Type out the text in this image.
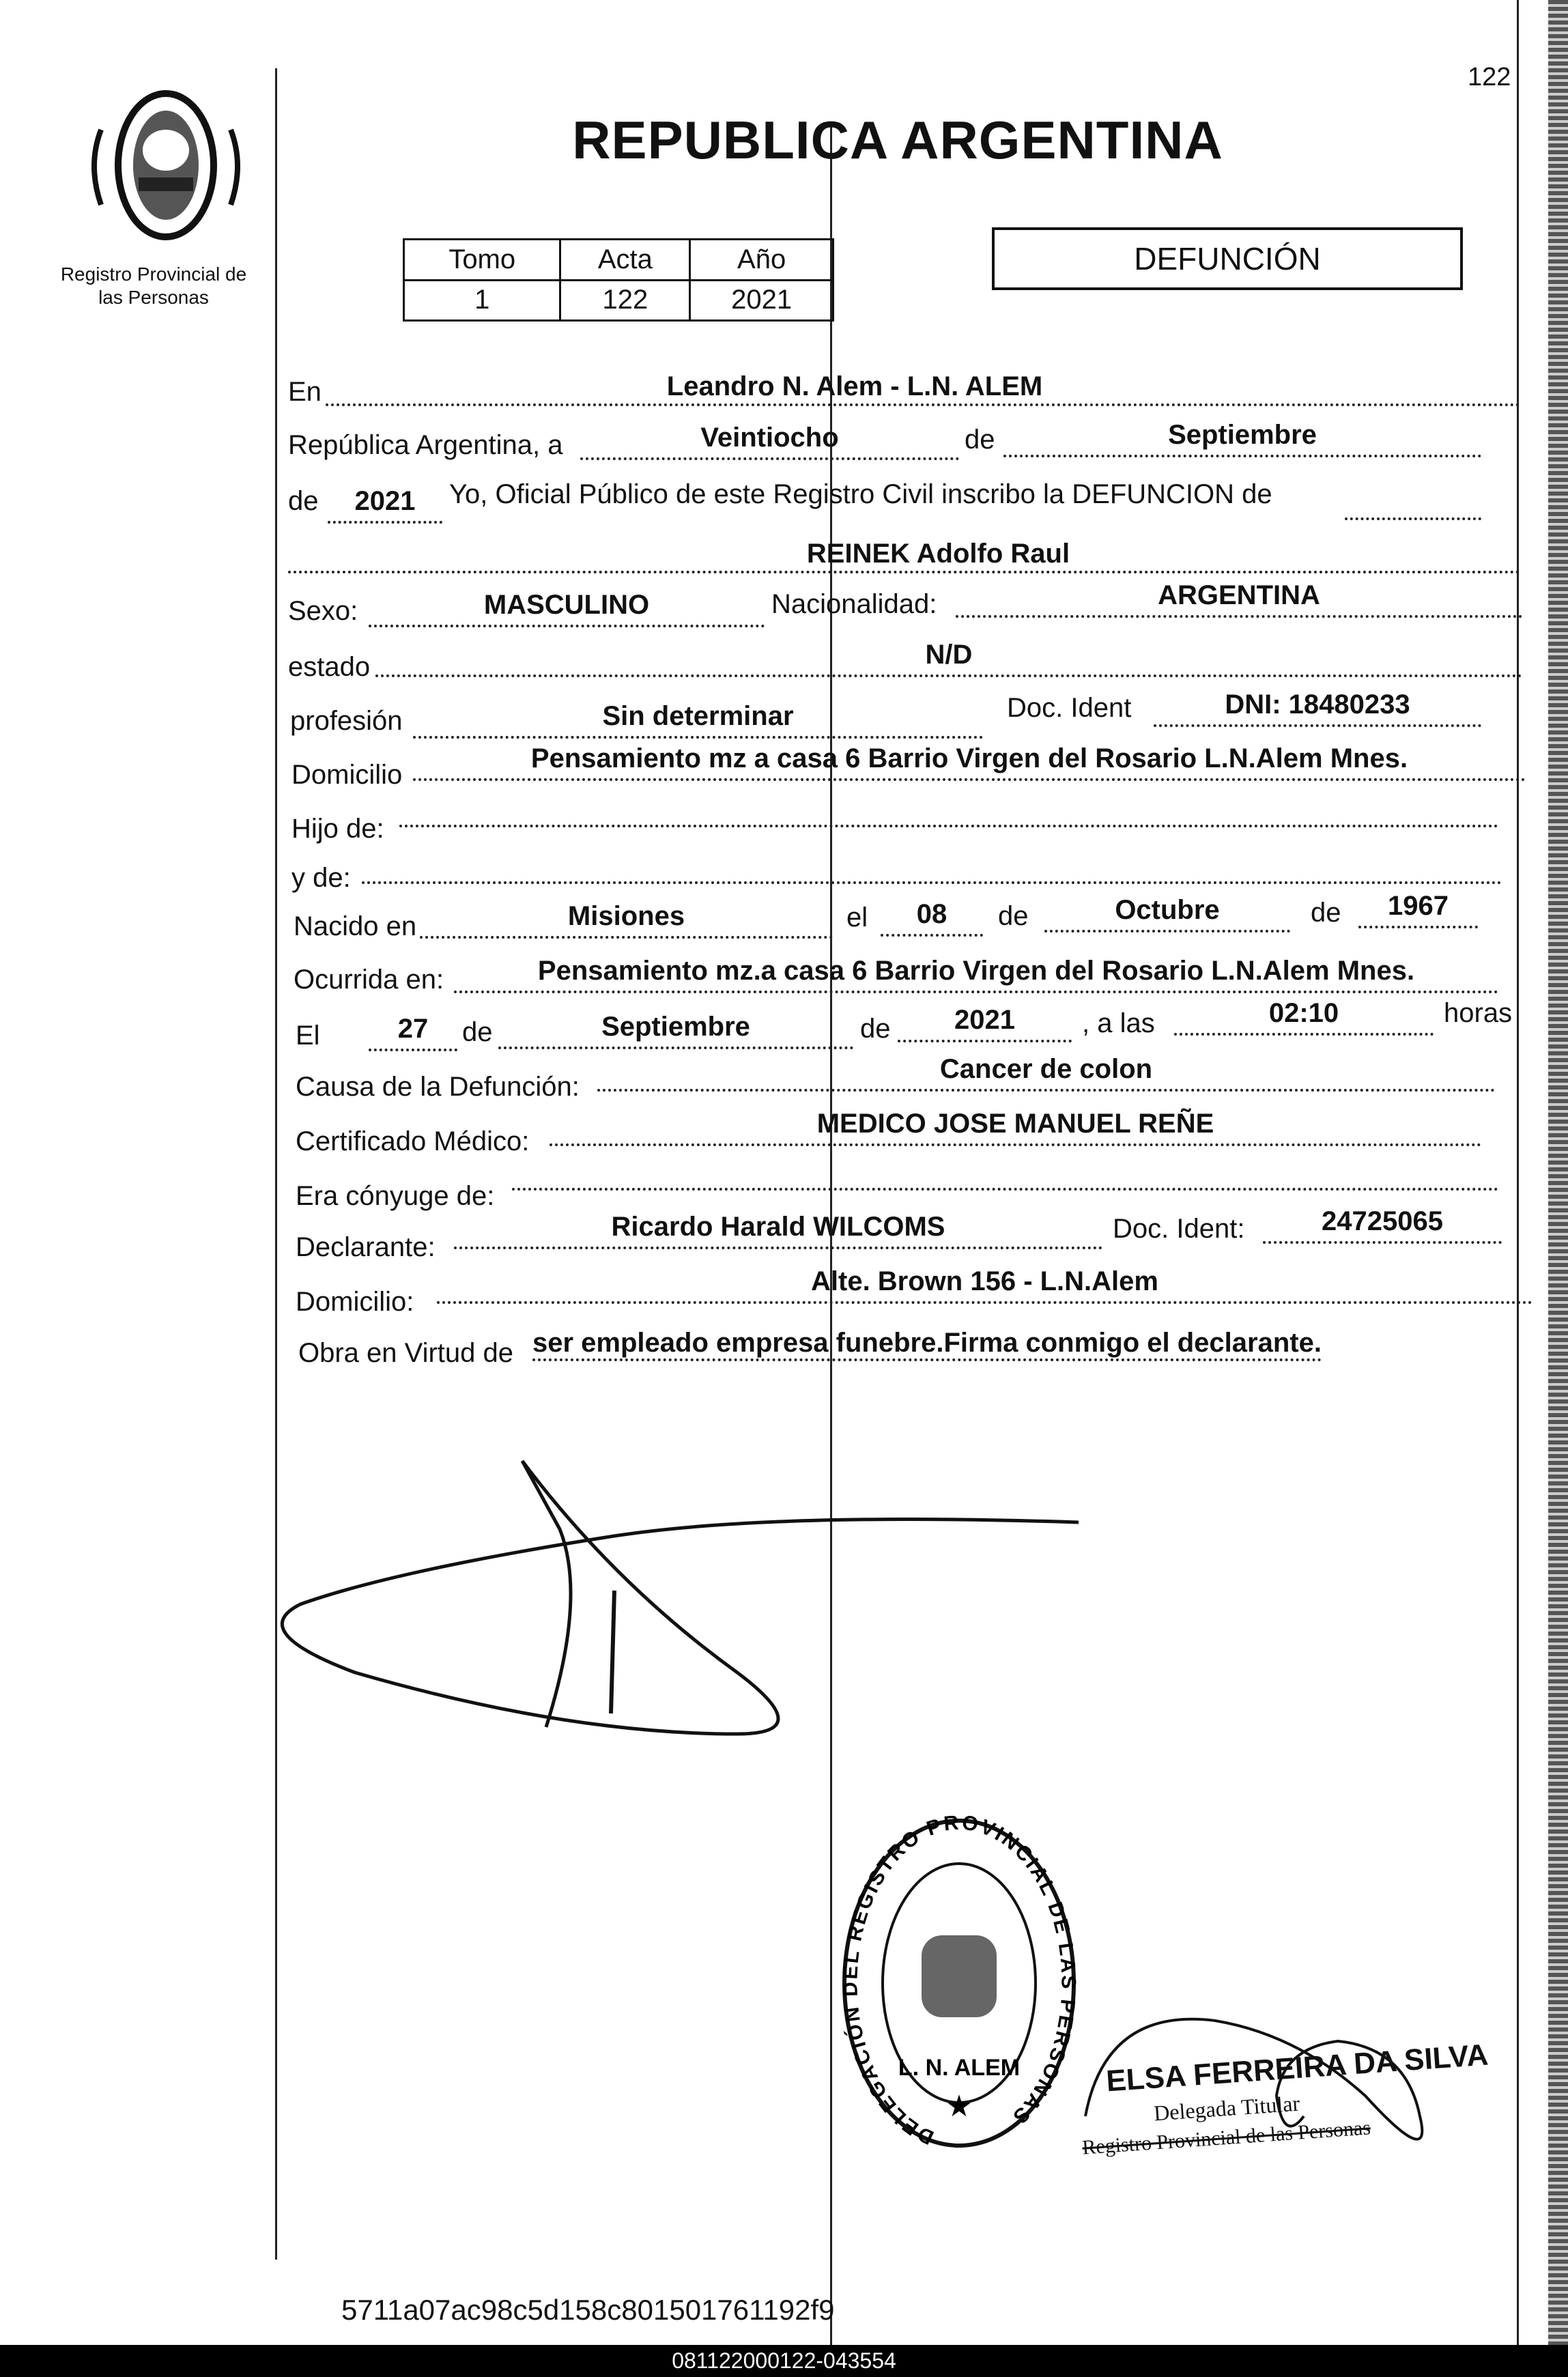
122
Registro Provincial de
las Personas
REPUBLICA ARGENTINA
Tomo	Acta	Año
1	122	2021
DEFUNCIÓN
En	Leandro N. Alem - L.N. ALEM
República Argentina, a	Veintiocho	de	Septiembre
de	2021	Yo, Oficial Público de este Registro Civil inscribo la DEFUNCION de
REINEK Adolfo Raul
Sexo:	MASCULINO	Nacionalidad:	ARGENTINA
estado	N/D
profesión	Sin determinar	Doc. Ident	DNI: 18480233
Domicilio
Pensamiento mz a casa 6 Barrio Virgen del Rosario L.N.Alem Mnes.
Hijo de:
y de:
Nacido en	Misiones	el	08	de	Octubre	de	1967
Ocurrida en:	Pensamiento mz.a casa 6 Barrio Virgen del Rosario L.N.Alem Mnes.
El	27	de	Septiembre	de	2021	, a las	02:10	horas
Causa de la Defunción:
Cancer de colon
Certificado Médico:
MEDICO JOSE MANUEL REÑE
Era cónyuge de:
Declarante:
Ricardo Harald WILCOMS	Doc. Ident:	24725065
Domicilio:
Alte. Brown 156 - L.N.Alem
Obra en Virtud de ser empleado empresa funebre.Firma conmigo el declarante.
DELEGACIÓN DEL REGISTRO PROVINCIAL DE LAS PERSONAS
L. N. ALEM
★
ELSA FERREIRA DA SILVA
Delegada Titular
Registro Provincial de las Personas
5711a07ac98c5d158c801501761192f9
081122000122-043554
